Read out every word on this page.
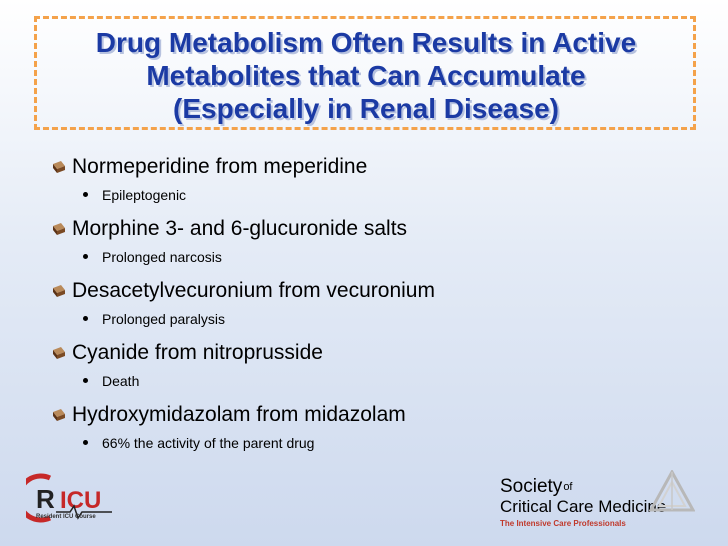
Drug Metabolism Often Results in Active
Metabolites that Can Accumulate
(Especially in Renal Disease)
Normeperidine from meperidine
Epileptogenic
Morphine 3- and 6-glucuronide salts
Prolonged narcosis
Desacetylvecuronium from vecuronium
Prolonged paralysis
Cyanide from nitroprusside
Death
Hydroxymidazolam from midazolam
66% the activity of the parent drug
R ICU
Resident ICU Course
Societyof
Critical Care Medicine
The Intensive Care Professionals
